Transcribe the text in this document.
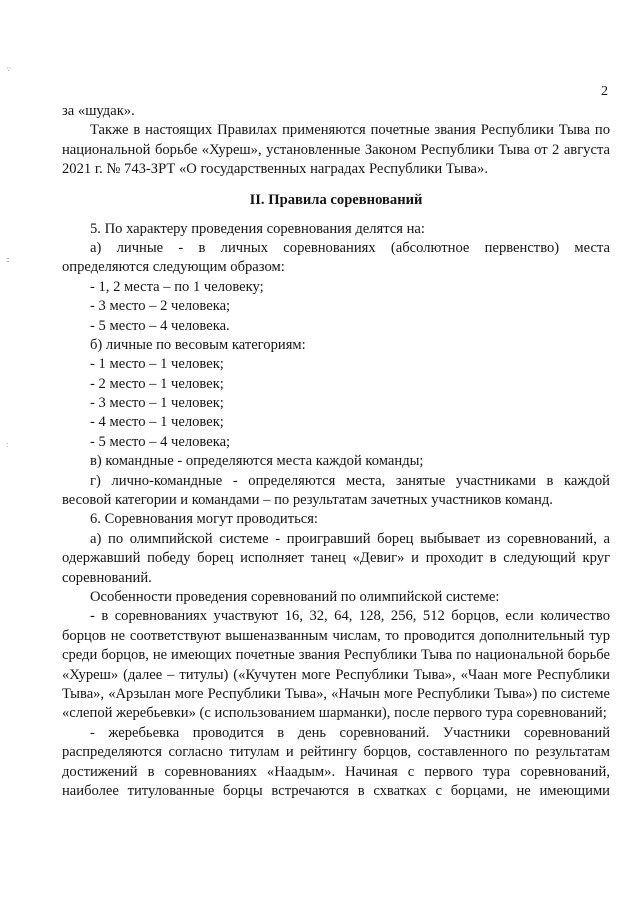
·.·
::
:
2
за «шудак».
Также в настоящих Правилах применяются почетные звания Республики Тыва по
национальной борьбе «Хуреш», установленные Законом Республики Тыва от 2 августа
2021 г. № 743-ЗРТ «О государственных наградах Республики Тыва».
II. Правила соревнований
5. По характеру проведения соревнования делятся на:
а) личные - в личных соревнованиях (абсолютное первенство) места
определяются следующим образом:
- 1, 2 места – по 1 человеку;
- 3 место – 2 человека;
- 5 место – 4 человека.
б) личные по весовым категориям:
- 1 место – 1 человек;
- 2 место – 1 человек;
- 3 место – 1 человек;
- 4 место – 1 человек;
- 5 место – 4 человека;
в) командные - определяются места каждой команды;
г) лично-командные - определяются места, занятые участниками в каждой
весовой категории и командами – по результатам зачетных участников команд.
6. Соревнования могут проводиться:
а) по олимпийской системе - проигравший борец выбывает из соревнований, а
одержавший победу борец исполняет танец «Девиг» и проходит в следующий круг
соревнований.
Особенности проведения соревнований по олимпийской системе:
- в соревнованиях участвуют 16, 32, 64, 128, 256, 512 борцов, если количество
борцов не соответствуют вышеназванным числам, то проводится дополнительный тур
среди борцов, не имеющих почетные звания Республики Тыва по национальной борьбе
«Хуреш» (далее – титулы) («Кучутен моге Республики Тыва», «Чаан моге Республики
Тыва», «Арзылан моге Республики Тыва», «Начын моге Республики Тыва») по системе
«слепой жеребьевки» (с использованием шарманки), после первого тура соревнований;
- жеребьевка проводится в день соревнований. Участники соревнований
распределяются согласно титулам и рейтингу борцов, составленного по результатам
достижений в соревнованиях «Наадым». Начиная с первого тура соревнований,
наиболее титулованные борцы встречаются в схватках с борцами, не имеющими
